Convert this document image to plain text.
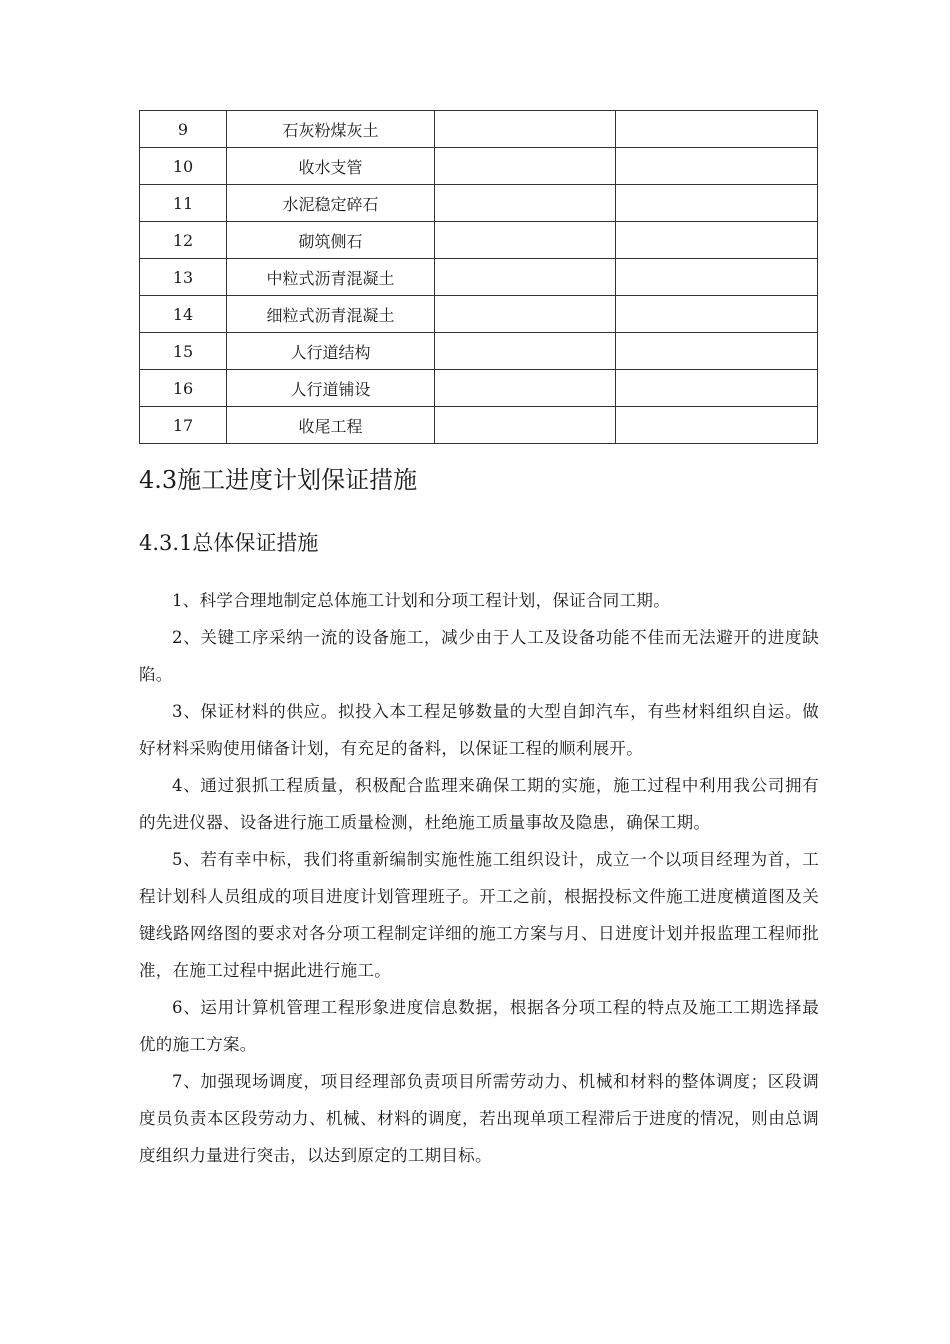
9	石灰粉煤灰土		
10	收水支管		
11	水泥稳定碎石		
12	砌筑侧石		
13	中粒式沥青混凝土		
14	细粒式沥青混凝土		
15	人行道结构		
16	人行道铺设		
17	收尾工程		
4.3施工进度计划保证措施
4.3.1总体保证措施

1、科学合理地制定总体施工计划和分项工程计划，保证合同工期。

2、关键工序采纳一流的设备施工，减少由于人工及设备功能不佳而无法避开的进度缺陷。

3、保证材料的供应。拟投入本工程足够数量的大型自卸汽车，有些材料组织自运。做好材料采购使用储备计划，有充足的备料，以保证工程的顺利展开。

4、通过狠抓工程质量，积极配合监理来确保工期的实施，施工过程中利用我公司拥有的先进仪器、设备进行施工质量检测，杜绝施工质量事故及隐患，确保工期。

5、若有幸中标，我们将重新编制实施性施工组织设计，成立一个以项目经理为首，工程计划科人员组成的项目进度计划管理班子。开工之前，根据投标文件施工进度横道图及关键线路网络图的要求对各分项工程制定详细的施工方案与月、日进度计划并报监理工程师批准，在施工过程中据此进行施工。

6、运用计算机管理工程形象进度信息数据，根据各分项工程的特点及施工工期选择最优的施工方案。

7、加强现场调度，项目经理部负责项目所需劳动力、机械和材料的整体调度；区段调度员负责本区段劳动力、机械、材料的调度，若出现单项工程滞后于进度的情况，则由总调度组织力量进行突击，以达到原定的工期目标。
